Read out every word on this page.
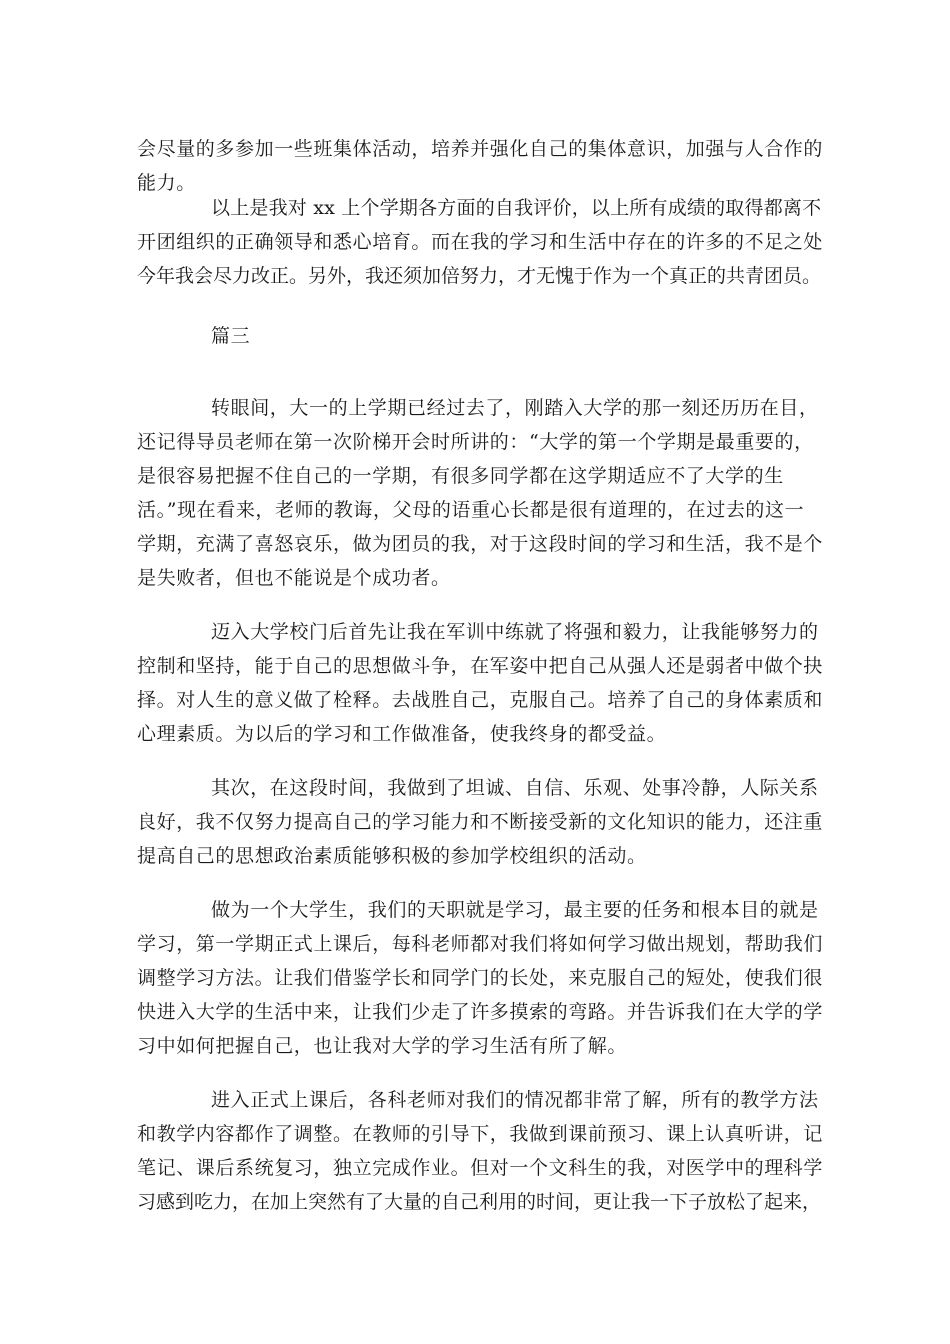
会尽量的多参加一些班集体活动，培养并强化自己的集体意识，加强与人合作的

能力。

以上是我对 xx 上个学期各方面的自我评价，以上所有成绩的取得都离不

开团组织的正确领导和悉心培育。而在我的学习和生活中存在的许多的不足之处

今年我会尽力改正。另外，我还须加倍努力，才无愧于作为一个真正的共青团员。

篇三

转眼间，大一的上学期已经过去了，刚踏入大学的那一刻还历历在目，

还记得导员老师在第一次阶梯开会时所讲的：“大学的第一个学期是最重要的，

是很容易把握不住自己的一学期，有很多同学都在这学期适应不了大学的生

活。”现在看来，老师的教诲，父母的语重心长都是很有道理的，在过去的这一

学期，充满了喜怒哀乐，做为团员的我，对于这段时间的学习和生活，我不是个

是失败者，但也不能说是个成功者。

迈入大学校门后首先让我在军训中练就了将强和毅力，让我能够努力的

控制和坚持，能于自己的思想做斗争，在军姿中把自己从强人还是弱者中做个抉

择。对人生的意义做了栓释。去战胜自己，克服自己。培养了自己的身体素质和

心理素质。为以后的学习和工作做准备，使我终身的都受益。

其次，在这段时间，我做到了坦诚、自信、乐观、处事冷静，人际关系

良好，我不仅努力提高自己的学习能力和不断接受新的文化知识的能力，还注重

提高自己的思想政治素质能够积极的参加学校组织的活动。

做为一个大学生，我们的天职就是学习，最主要的任务和根本目的就是

学习，第一学期正式上课后，每科老师都对我们将如何学习做出规划，帮助我们

调整学习方法。让我们借鉴学长和同学门的长处，来克服自己的短处，使我们很

快进入大学的生活中来，让我们少走了许多摸索的弯路。并告诉我们在大学的学

习中如何把握自己，也让我对大学的学习生活有所了解。

进入正式上课后，各科老师对我们的情况都非常了解，所有的教学方法

和教学内容都作了调整。在教师的引导下，我做到课前预习、课上认真听讲，记

笔记、课后系统复习，独立完成作业。但对一个文科生的我，对医学中的理科学

习感到吃力，在加上突然有了大量的自己利用的时间，更让我一下子放松了起来，
